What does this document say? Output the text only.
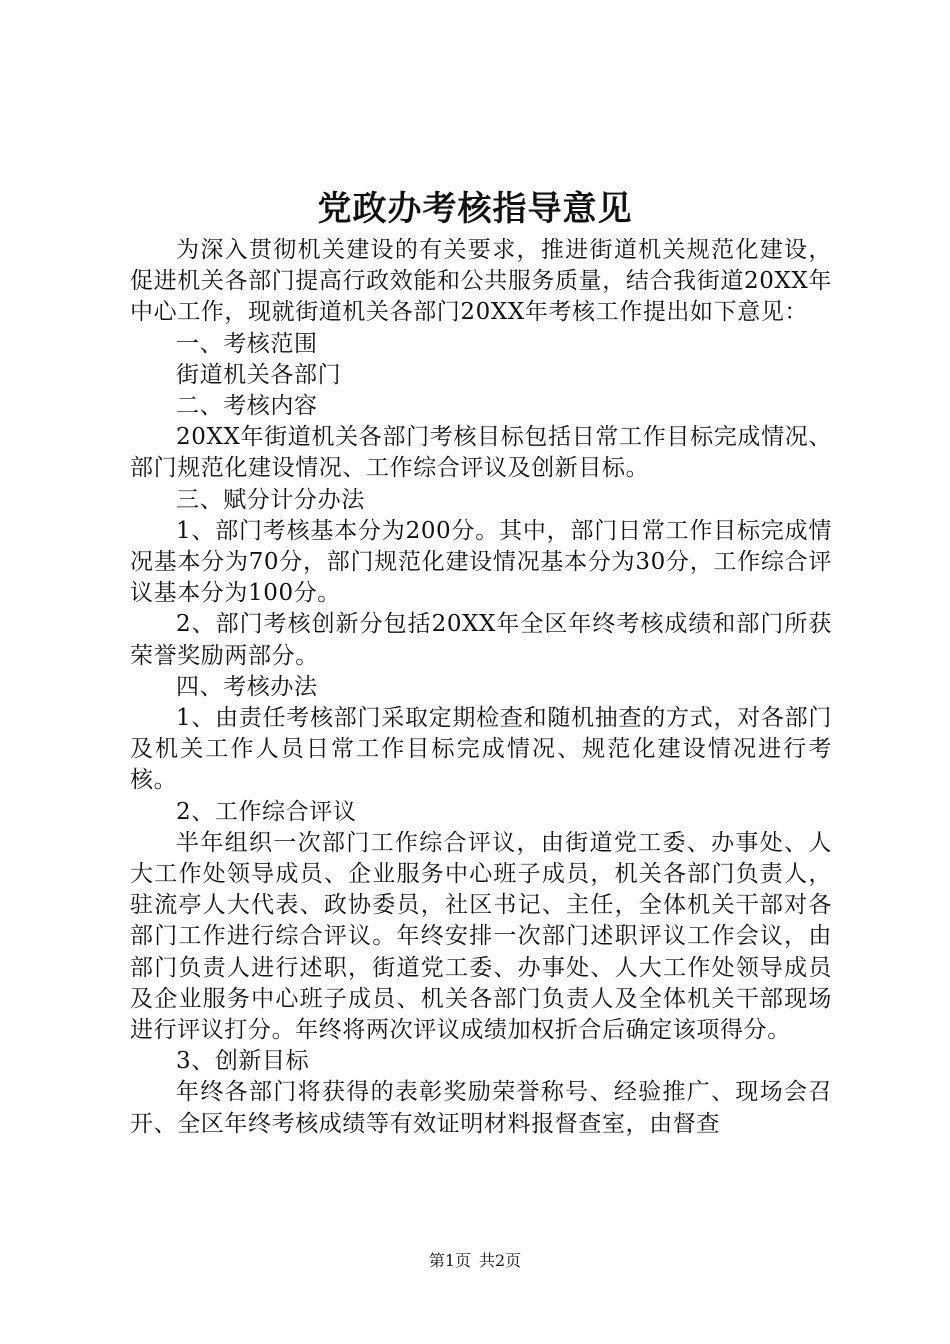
党政办考核指导意见

为深入贯彻机关建设的有关要求，推进街道机关规范化建设，促进机关各部门提高行政效能和公共服务质量，结合我街道20XX年中心工作，现就街道机关各部门20XX年考核工作提出如下意见：

一、考核范围

街道机关各部门

二、考核内容

20XX年街道机关各部门考核目标包括日常工作目标完成情况、部门规范化建设情况、工作综合评议及创新目标。

三、赋分计分办法

1、部门考核基本分为200分。其中，部门日常工作目标完成情况基本分为70分，部门规范化建设情况基本分为30分，工作综合评议基本分为100分。

2、部门考核创新分包括20XX年全区年终考核成绩和部门所获荣誉奖励两部分。

四、考核办法

1、由责任考核部门采取定期检查和随机抽查的方式，对各部门及机关工作人员日常工作目标完成情况、规范化建设情况进行考核。

2、工作综合评议

半年组织一次部门工作综合评议，由街道党工委、办事处、人大工作处领导成员、企业服务中心班子成员，机关各部门负责人，驻流亭人大代表、政协委员，社区书记、主任，全体机关干部对各部门工作进行综合评议。年终安排一次部门述职评议工作会议，由部门负责人进行述职，街道党工委、办事处、人大工作处领导成员及企业服务中心班子成员、机关各部门负责人及全体机关干部现场进行评议打分。年终将两次评议成绩加权折合后确定该项得分。

3、创新目标

年终各部门将获得的表彰奖励荣誉称号、经验推广、现场会召开、全区年终考核成绩等有效证明材料报督查室，由督查

第1页 共2页
